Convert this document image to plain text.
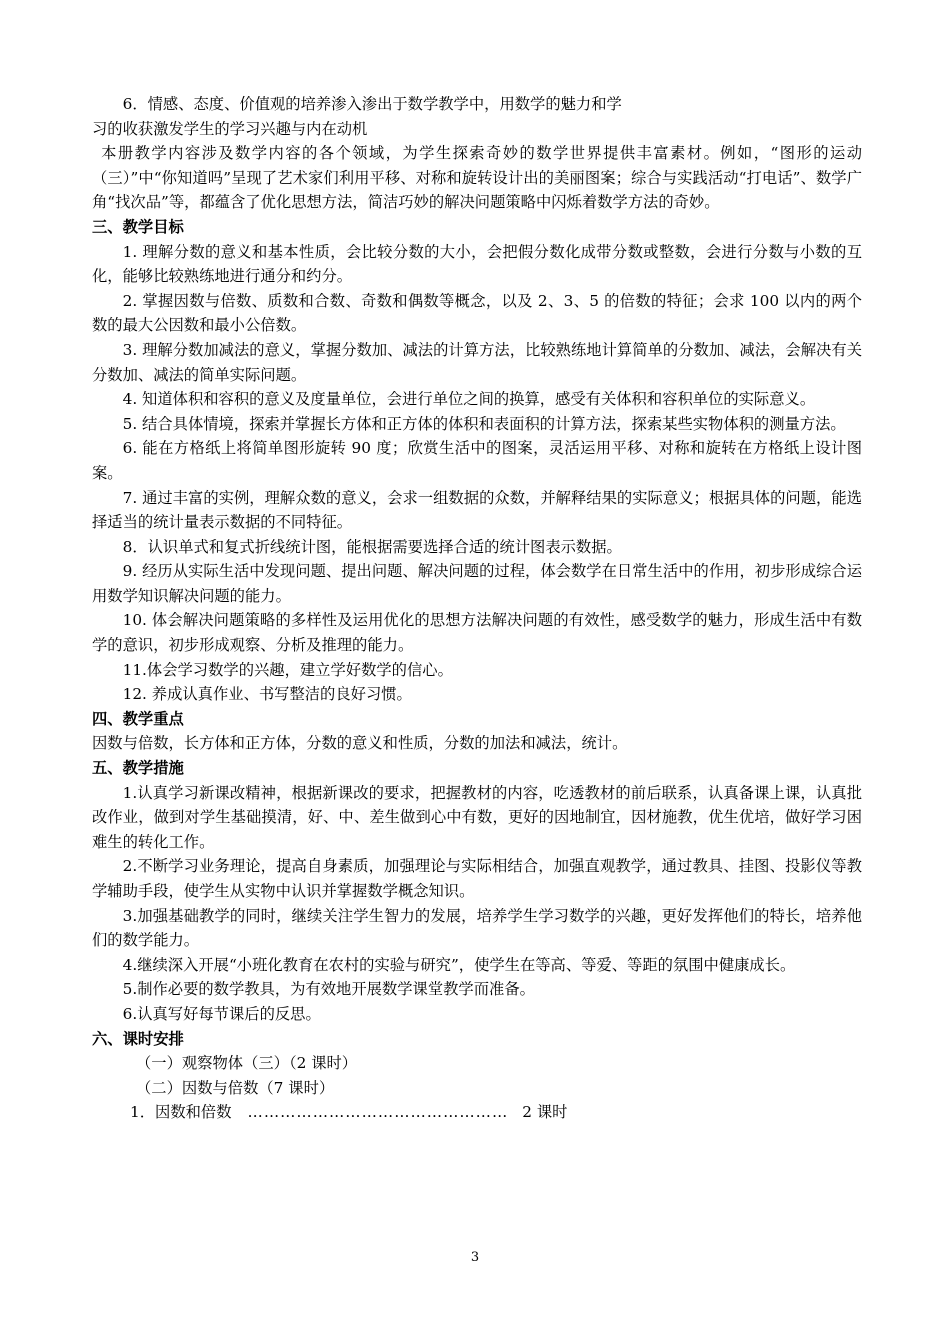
6．情感、态度、价值观的培养渗入渗出于数学教学中，用数学的魅力和学

习的收获激发学生的学习兴趣与内在动机

本册教学内容涉及数学内容的各个领域，为学生探索奇妙的数学世界提供丰富素材。例如，“图形的运动（三）”中“你知道吗”呈现了艺术家们利用平移、对称和旋转设计出的美丽图案；综合与实践活动“打电话”、数学广角“找次品”等，都蕴含了优化思想方法，简洁巧妙的解决问题策略中闪烁着数学方法的奇妙。

三、教学目标

1. 理解分数的意义和基本性质，会比较分数的大小，会把假分数化成带分数或整数，会进行分数与小数的互化，能够比较熟练地进行通分和约分。

2. 掌握因数与倍数、质数和合数、奇数和偶数等概念，以及 2、3、5 的倍数的特征；会求 100 以内的两个数的最大公因数和最小公倍数。

3. 理解分数加减法的意义，掌握分数加、减法的计算方法，比较熟练地计算简单的分数加、减法，会解决有关分数加、减法的简单实际问题。

4. 知道体积和容积的意义及度量单位，会进行单位之间的换算，感受有关体积和容积单位的实际意义。

5. 结合具体情境，探索并掌握长方体和正方体的体积和表面积的计算方法，探索某些实物体积的测量方法。

6. 能在方格纸上将简单图形旋转 90 度；欣赏生活中的图案，灵活运用平移、对称和旋转在方格纸上设计图案。

7. 通过丰富的实例，理解众数的意义，会求一组数据的众数，并解释结果的实际意义；根据具体的问题，能选择适当的统计量表示数据的不同特征。

8．认识单式和复式折线统计图，能根据需要选择合适的统计图表示数据。

9. 经历从实际生活中发现问题、提出问题、解决问题的过程，体会数学在日常生活中的作用，初步形成综合运用数学知识解决问题的能力。

10. 体会解决问题策略的多样性及运用优化的思想方法解决问题的有效性，感受数学的魅力，形成生活中有数学的意识，初步形成观察、分析及推理的能力。

11.体会学习数学的兴趣，建立学好数学的信心。

12. 养成认真作业、书写整洁的良好习惯。

四、教学重点

因数与倍数，长方体和正方体，分数的意义和性质，分数的加法和减法，统计。

五、教学措施

1.认真学习新课改精神，根据新课改的要求，把握教材的内容，吃透教材的前后联系，认真备课上课，认真批改作业，做到对学生基础摸清，好、中、差生做到心中有数，更好的因地制宜，因材施教，优生优培，做好学习困难生的转化工作。

2.不断学习业务理论，提高自身素质，加强理论与实际相结合，加强直观教学，通过教具、挂图、投影仪等教学辅助手段，使学生从实物中认识并掌握数学概念知识。

3.加强基础教学的同时，继续关注学生智力的发展，培养学生学习数学的兴趣，更好发挥他们的特长，培养他们的数学能力。

4.继续深入开展“小班化教育在农村的实验与研究”，使学生在等高、等爱、等距的氛围中健康成长。

5.制作必要的数学教具，为有效地开展数学课堂教学而准备。

6.认真写好每节课后的反思。

六、课时安排

（一）观察物体（三）（2 课时）

（二）因数与倍数（7 课时）

1．因数和倍数 ………………………………………… 2 课时
3
